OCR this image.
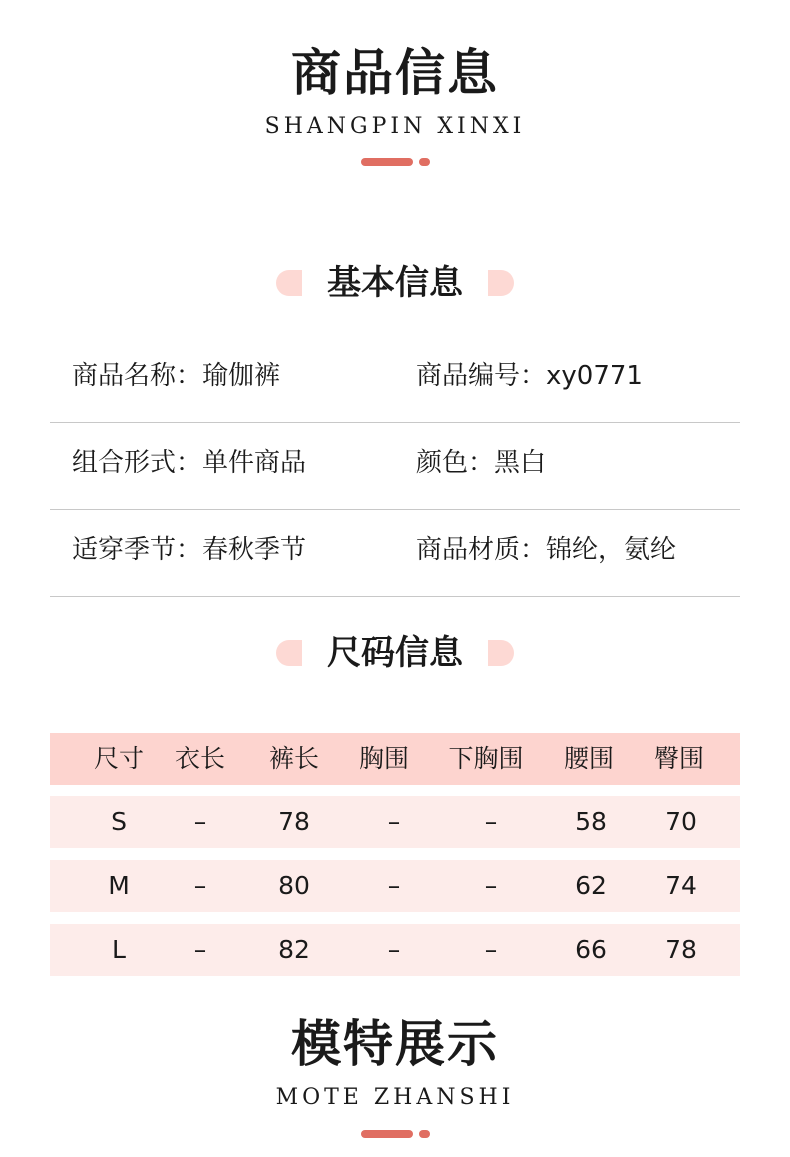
商品信息
SHANGPIN XINXI
基本信息
商品名称：瑜伽裤	商品编号：xy0771
组合形式：单件商品	颜色：黑白
适穿季节：春秋季节	商品材质：锦纶，氨纶
尺码信息
尺寸 衣长 裤长 胸围 下胸围 腰围 臀围
S	–	78	–	–	58 70
M	–	80	–	–	62 74
L	–	82	–	–	66 78
模特展示
MOTE ZHANSHI
